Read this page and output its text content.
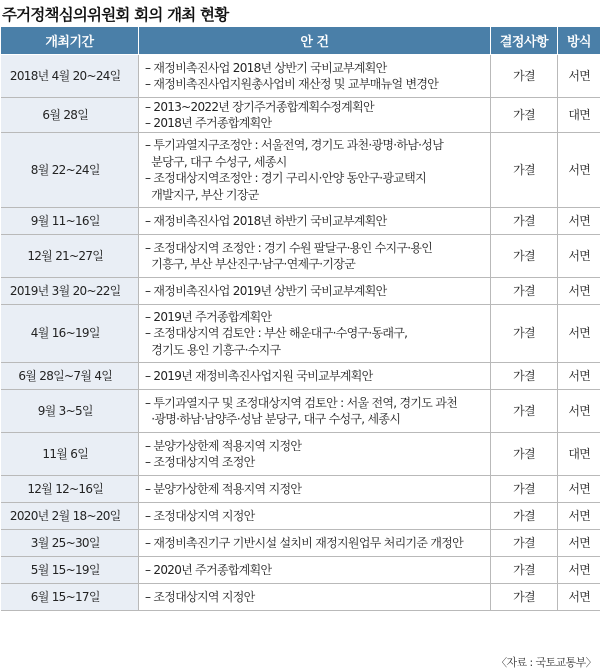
주거정책심의위원회 회의 개최 현황
개최기간	안 건	결정사항	방식
2018년 4월 20~24일	– 재정비촉진사업 2018년 상반기 국비교부계획안
– 재정비촉진사업지원총사업비 재산정 및 교부매뉴얼 변경안	가결	서면
6월 28일	– 2013~2022년 장기주거종합계획수정계획안
– 2018년 주거종합계획안	가결	대면
8월 22~24일	– 투기과열지구조정안 : 서울전역, 경기도 과천·광명·하남·성남
분당구, 대구 수성구, 세종시
– 조정대상지역조정안 : 경기 구리시·안양 동안구·광교택지
개발지구, 부산 기장군	가결	서면
9월 11~16일	– 재정비촉진사업 2018년 하반기 국비교부계획안	가결	서면
12월 21~27일	– 조정대상지역 조정안 : 경기 수원 팔달구·용인 수지구·용인
기흥구, 부산 부산진구·남구·연제구·기장군	가결	서면
2019년 3월 20~22일	– 재정비촉진사업 2019년 상반기 국비교부계획안	가결	서면
4월 16~19일	– 2019년 주거종합계획안
– 조정대상지역 검토안 : 부산 해운대구·수영구·동래구,
경기도 용인 기흥구·수지구	가결	서면
6월 28일~7월 4일	– 2019년 재정비촉진사업지원 국비교부계획안	가결	서면
9월 3~5일	– 투기과열지구 및 조정대상지역 검토안 : 서울 전역, 경기도 과천
·광명·하남·남양주·성남 분당구, 대구 수성구, 세종시	가결	서면
11월 6일	– 분양가상한제 적용지역 지정안
– 조정대상지역 조정안	가결	대면
12월 12~16일	– 분양가상한제 적용지역 지정안	가결	서면
2020년 2월 18~20일	– 조정대상지역 지정안	가결	서면
3월 25~30일	– 재정비촉진기구 기반시설 설치비 재정지원업무 처리기준 개정안	가결	서면
5월 15~19일	– 2020년 주거종합계획안	가결	서면
6월 15~17일	– 조정대상지역 지정안	가결	서면
〈자료 : 국토교통부〉
